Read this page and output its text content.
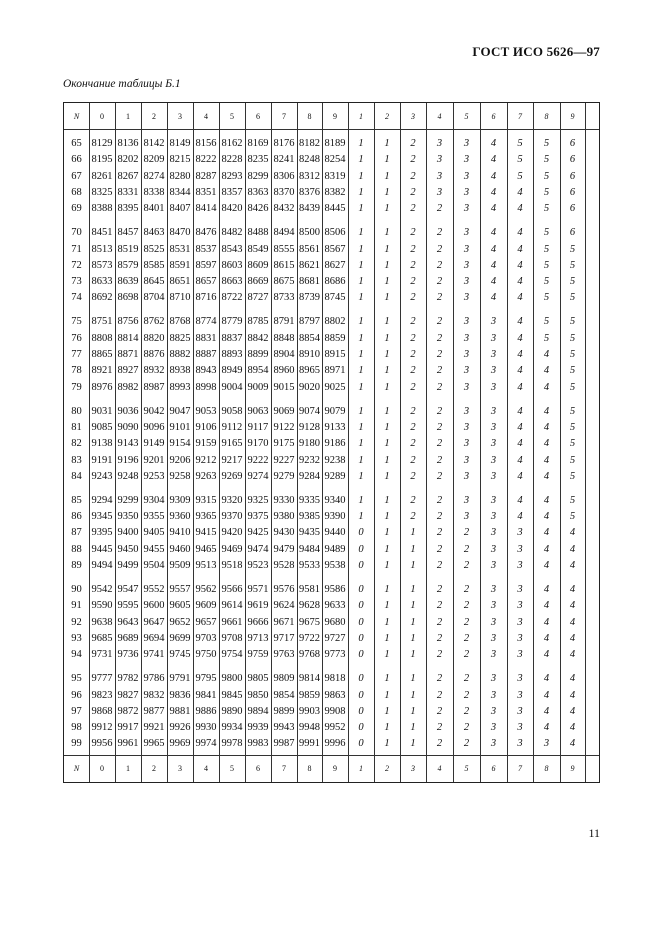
ГОСТ ИСО 5626—97
Окончание таблицы Б.1
N	0	1	2	3	4	5	6	7	8	9	1	2	3	4	5	6	7	8	9
N	0	1	2	3	4	5	6	7	8	9	1	2	3	4	5	6	7	8	9
65 8129 8136 8142 8149 8156 8162 8169 8176 8182 8189	1	1	2	3	3	4	5	5	6
66 8195 8202 8209 8215 8222 8228 8235 8241 8248 8254	1	1	2	3	3	4	5	5	6
67 8261 8267 8274 8280 8287 8293 8299 8306 8312 8319	1	1	2	3	3	4	5	5	6
68 8325 8331 8338 8344 8351 8357 8363 8370 8376 8382	1	1	2	3	3	4	4	5	6
69 8388 8395 8401 8407 8414 8420 8426 8432 8439 8445	1	1	2	2	3	4	4	5	6
70 8451 8457 8463 8470 8476 8482 8488 8494 8500 8506	1	1	2	2	3	4	4	5	6
71 8513 8519 8525 8531 8537 8543 8549 8555 8561 8567	1	1	2	2	3	4	4	5	5
72 8573 8579 8585 8591 8597 8603 8609 8615 8621 8627	1	1	2	2	3	4	4	5	5
73 8633 8639 8645 8651 8657 8663 8669 8675 8681 8686	1	1	2	2	3	4	4	5	5
74 8692 8698 8704 8710 8716 8722 8727 8733 8739 8745	1	1	2	2	3	4	4	5	5
75 8751 8756 8762 8768 8774 8779 8785 8791 8797 8802	1	1	2	2	3	3	4	5	5
76 8808 8814 8820 8825 8831 8837 8842 8848 8854 8859	1	1	2	2	3	3	4	5	5
77 8865 8871 8876 8882 8887 8893 8899 8904 8910 8915	1	1	2	2	3	3	4	4	5
78 8921 8927 8932 8938 8943 8949 8954 8960 8965 8971	1	1	2	2	3	3	4	4	5
79 8976 8982 8987 8993 8998 9004 9009 9015 9020 9025	1	1	2	2	3	3	4	4	5
80 9031 9036 9042 9047 9053 9058 9063 9069 9074 9079	1	1	2	2	3	3	4	4	5
81 9085 9090 9096 9101 9106 9112 9117 9122 9128 9133	1	1	2	2	3	3	4	4	5
82 9138 9143 9149 9154 9159 9165 9170 9175 9180 9186	1	1	2	2	3	3	4	4	5
83 9191 9196 9201 9206 9212 9217 9222 9227 9232 9238	1	1	2	2	3	3	4	4	5
84 9243 9248 9253 9258 9263 9269 9274 9279 9284 9289	1	1	2	2	3	3	4	4	5
85 9294 9299 9304 9309 9315 9320 9325 9330 9335 9340	1	1	2	2	3	3	4	4	5
86 9345 9350 9355 9360 9365 9370 9375 9380 9385 9390	1	1	2	2	3	3	4	4	5
87 9395 9400 9405 9410 9415 9420 9425 9430 9435 9440	0	1	1	2	2	3	3	4	4
88 9445 9450 9455 9460 9465 9469 9474 9479 9484 9489	0	1	1	2	2	3	3	4	4
89 9494 9499 9504 9509 9513 9518 9523 9528 9533 9538	0	1	1	2	2	3	3	4	4
90 9542 9547 9552 9557 9562 9566 9571 9576 9581 9586	0	1	1	2	2	3	3	4	4
91 9590 9595 9600 9605 9609 9614 9619 9624 9628 9633	0	1	1	2	2	3	3	4	4
92 9638 9643 9647 9652 9657 9661 9666 9671 9675 9680	0	1	1	2	2	3	3	4	4
93 9685 9689 9694 9699 9703 9708 9713 9717 9722 9727	0	1	1	2	2	3	3	4	4
94 9731 9736 9741 9745 9750 9754 9759 9763 9768 9773	0	1	1	2	2	3	3	4	4
95 9777 9782 9786 9791 9795 9800 9805 9809 9814 9818	0	1	1	2	2	3	3	4	4
96 9823 9827 9832 9836 9841 9845 9850 9854 9859 9863	0	1	1	2	2	3	3	4	4
97 9868 9872 9877 9881 9886 9890 9894 9899 9903 9908	0	1	1	2	2	3	3	4	4
98 9912 9917 9921 9926 9930 9934 9939 9943 9948 9952	0	1	1	2	2	3	3	4	4
99 9956 9961 9965 9969 9974 9978 9983 9987 9991 9996	0	1	1	2	2	3	3	3	4
11
